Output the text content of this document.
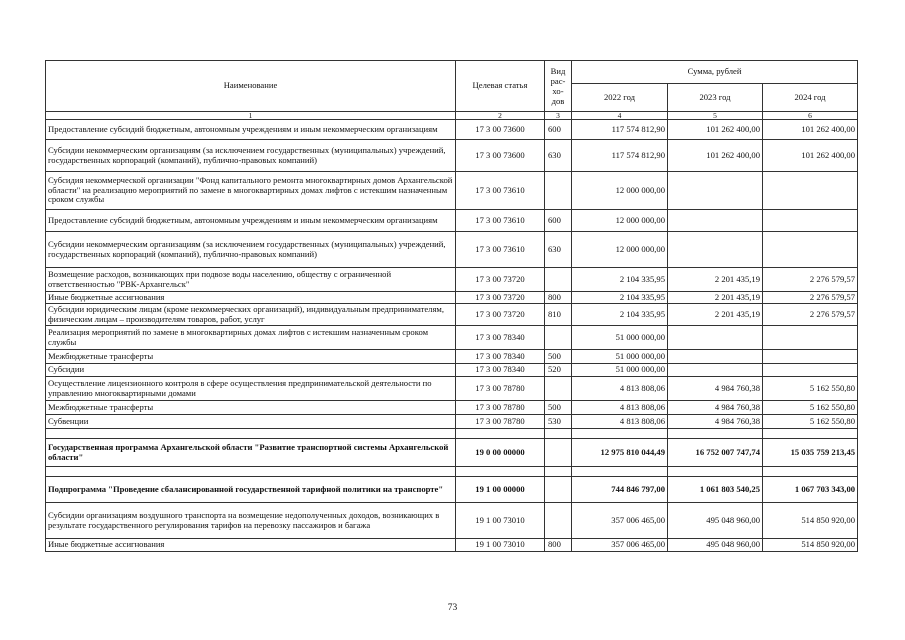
Наименование	Целевая статья	Вид рас-хо-дов	Сумма, рублей		
			2022 год	2023 год	2024 год
1	2	3	4	5	6
Предоставление субсидий бюджетным, автономным учреждениям и иным некоммерческим организациям	17 3 00 73600	600	117 574 812,90	101 262 400,00	101 262 400,00
Субсидии некоммерческим организациям (за исключением государственных (муниципальных) учреждений, государственных корпораций (компаний), публично-правовых компаний)	17 3 00 73600	630	117 574 812,90	101 262 400,00	101 262 400,00
Субсидия некоммерческой организации "Фонд капитального ремонта многоквартирных домов Архангельской области" на реализацию мероприятий по замене в многоквартирных домах лифтов с истекшим назначенным сроком службы	17 3 00 73610		12 000 000,00		
Предоставление субсидий бюджетным, автономным учреждениям и иным некоммерческим организациям	17 3 00 73610	600	12 000 000,00		
Субсидии некоммерческим организациям (за исключением государственных (муниципальных) учреждений, государственных корпораций (компаний), публично-правовых компаний)	17 3 00 73610	630	12 000 000,00		
Возмещение расходов, возникающих при подвозе воды населению, обществу с ограниченной ответственностью "РВК-Архангельск"	17 3 00 73720		2 104 335,95	2 201 435,19	2 276 579,57
Иные бюджетные ассигнования	17 3 00 73720	800	2 104 335,95	2 201 435,19	2 276 579,57
Субсидии юридическим лицам (кроме некоммерческих организаций), индивидуальным предпринимателям, физическим лицам – производителям товаров, работ, услуг	17 3 00 73720	810	2 104 335,95	2 201 435,19	2 276 579,57
Реализация мероприятий по замене в многоквартирных домах лифтов с истекшим назначенным сроком службы	17 3 00 78340		51 000 000,00		
Межбюджетные трансферты	17 3 00 78340	500	51 000 000,00		
Субсидии	17 3 00 78340	520	51 000 000,00		
Осуществление лицензионного контроля в сфере осуществления предпринимательской деятельности по управлению многоквартирными домами	17 3 00 78780		4 813 808,06	4 984 760,38	5 162 550,80
Межбюджетные трансферты	17 3 00 78780	500	4 813 808,06	4 984 760,38	5 162 550,80
Субвенции	17 3 00 78780	530	4 813 808,06	4 984 760,38	5 162 550,80

Государственная программа Архангельской области "Развитие транспортной системы Архангельской области"	19 0 00 00000		12 975 810 044,49	16 752 007 747,74	15 035 759 213,45

Подпрограмма "Проведение сбалансированной государственной тарифной политики на транспорте"	19 1 00 00000		744 846 797,00	1 061 803 540,25	1 067 703 343,00
Субсидии организациям воздушного транспорта на возмещение недополученных доходов, возникающих в результате государственного регулирования тарифов на перевозку пассажиров и багажа	19 1 00 73010		357 006 465,00	495 048 960,00	514 850 920,00
Иные бюджетные ассигнования	19 1 00 73010	800	357 006 465,00	495 048 960,00	514 850 920,00
73
